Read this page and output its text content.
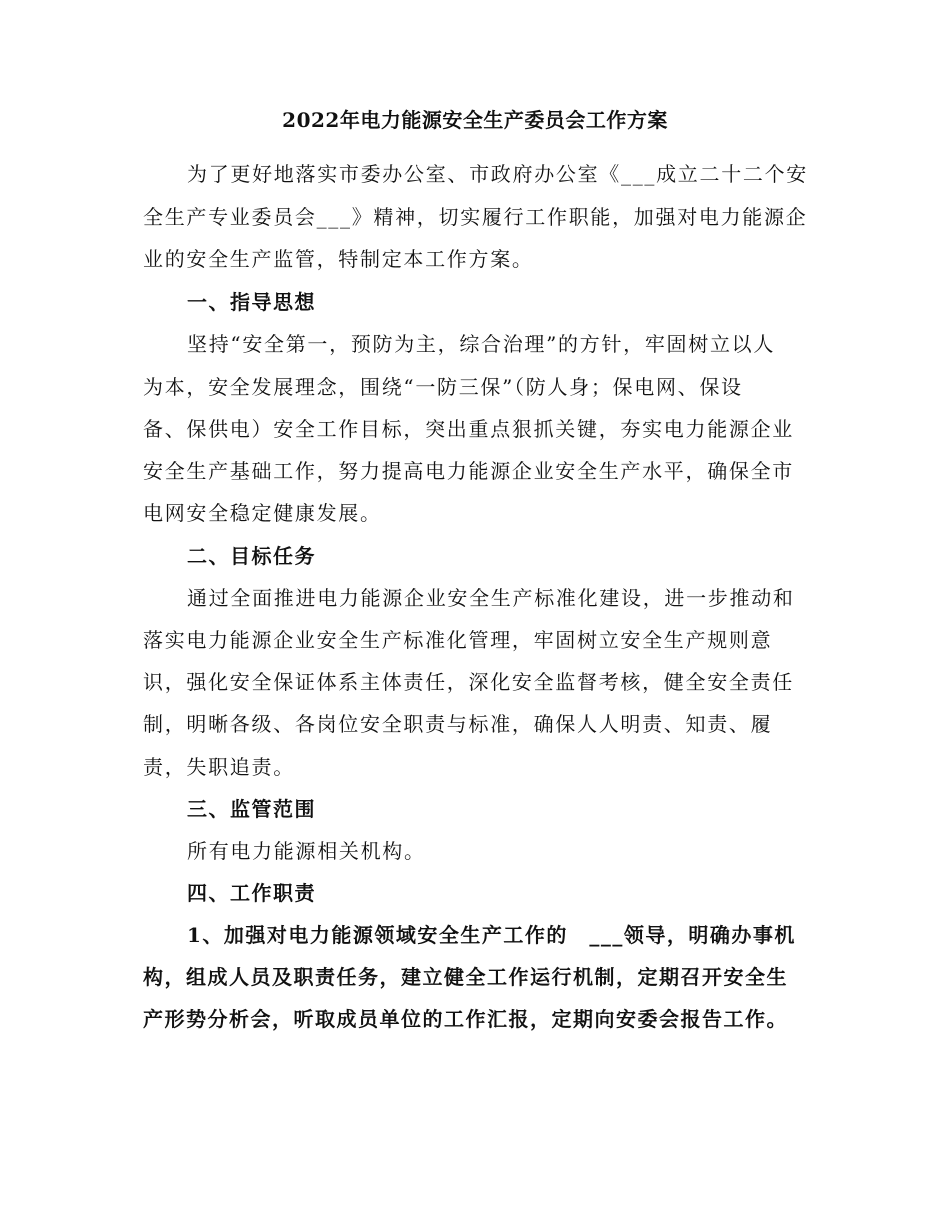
2022年电力能源安全生产委员会工作方案
为了更好地落实市委办公室、市政府办公室《___成立二十二个安
全生产专业委员会___》精神，切实履行工作职能，加强对电力能源企
业的安全生产监管，特制定本工作方案。
一、指导思想
坚持“安全第一，预防为主，综合治理”的方针，牢固树立以人
为本，安全发展理念，围绕“一防三保”（防人身；保电网、保设
备、保供电）安全工作目标，突出重点狠抓关键，夯实电力能源企业
安全生产基础工作，努力提高电力能源企业安全生产水平，确保全市
电网安全稳定健康发展。
二、目标任务
通过全面推进电力能源企业安全生产标准化建设，进一步推动和
落实电力能源企业安全生产标准化管理，牢固树立安全生产规则意
识，强化安全保证体系主体责任，深化安全监督考核，健全安全责任
制，明晰各级、各岗位安全职责与标准，确保人人明责、知责、履
责，失职追责。
三、监管范围
所有电力能源相关机构。
四、工作职责
1、加强对电力能源领域安全生产工作的　___领导，明确办事机
构，组成人员及职责任务，建立健全工作运行机制，定期召开安全生
产形势分析会，听取成员单位的工作汇报，定期向安委会报告工作。
